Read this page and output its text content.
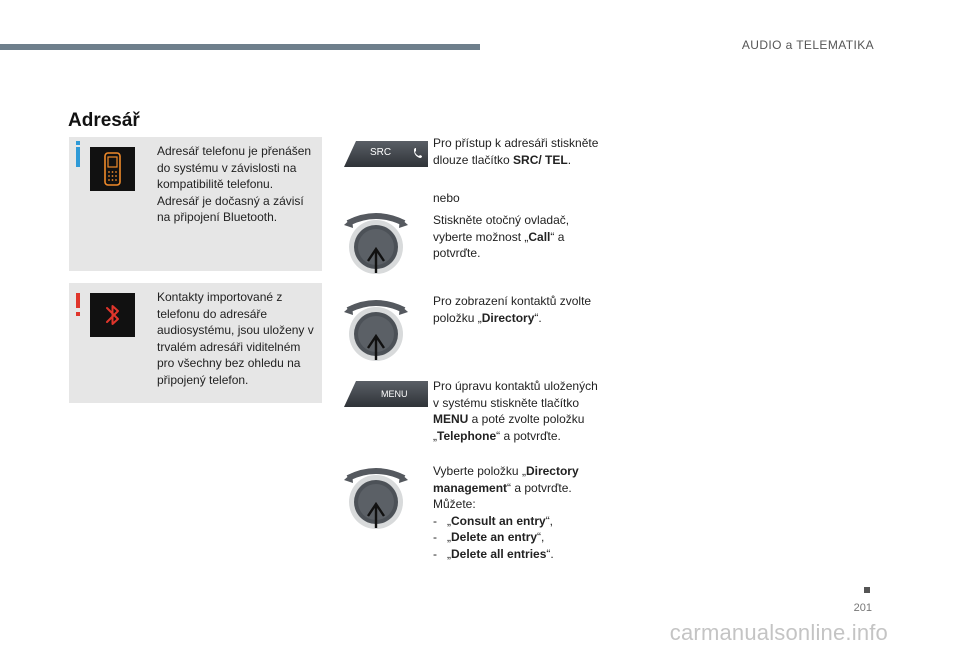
AUDIO a TELEMATIKA
Adresář
Adresář telefonu je přenášen do systému v závislosti na kompatibilitě telefonu. Adresář je dočasný a závisí na připojení Bluetooth.
Kontakty importované z telefonu do adresáře audiosystému, jsou uloženy v trvalém adresáři viditelném pro všechny bez ohledu na připojený telefon.
SRC
MENU
Pro přístup k adresáři stiskněte dlouze tlačítko SRC/ TEL.
nebo
Stiskněte otočný ovladač, vyberte možnost „Call“ a potvrďte.
Pro zobrazení kontaktů zvolte položku „Directory“.
Pro úpravu kontaktů uložených v systému stiskněte tlačítko MENU a poté zvolte položku „Telephone“ a potvrďte.
Vyberte položku „Directory management“ a potvrďte.
Můžete:
- „Consult an entry“,
- „Delete an entry“,
- „Delete all entries“.
201
carmanualsonline.info
